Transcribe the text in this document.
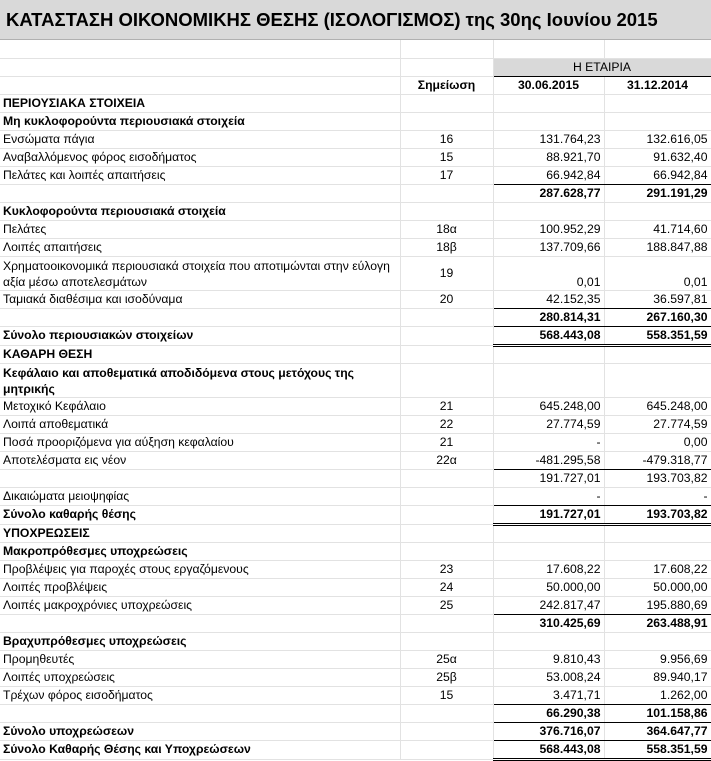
ΚΑΤΑΣΤΑΣΗ ΟΙΚΟΝΟΜΙΚΗΣ ΘΕΣΗΣ (ΙΣΟΛΟΓΙΣΜΟΣ) της 30ης Ιουνίου 2015

		Η ΕΤΑΙΡΙΑ	
	Σημείωση	30.06.2015	31.12.2014
ΠΕΡΙΟΥΣΙΑΚΑ ΣΤΟΙΧΕΙΑ			
Μη κυκλοφορούντα περιουσιακά στοιχεία			
Ενσώματα πάγια	16	131.764,23	132.616,05
Αναβαλλόμενος φόρος εισοδήματος	15	88.921,70	91.632,40
Πελάτες και λοιπές απαιτήσεις	17	66.942,84	66.942,84
		287.628,77	291.191,29
Κυκλοφορούντα περιουσιακά στοιχεία			
Πελάτες	18α	100.952,29	41.714,60
Λοιπές απαιτήσεις	18β	137.709,66	188.847,88
Χρηματοοικονομικά περιουσιακά στοιχεία που αποτιμώνται στην εύλογη αξία μέσω αποτελεσμάτων	19	0,01	0,01
Ταμιακά διαθέσιμα και ισοδύναμα	20	42.152,35	36.597,81
		280.814,31	267.160,30
Σύνολο περιουσιακών στοιχείων		568.443,08	558.351,59
ΚΑΘΑΡΗ ΘΕΣΗ			
Κεφάλαιο και αποθεματικά αποδιδόμενα στους μετόχους της μητρικής			
Μετοχικό Κεφάλαιο	21	645.248,00	645.248,00
Λοιπά αποθεματικά	22	27.774,59	27.774,59
Ποσά προοριζόμενα για αύξηση κεφαλαίου	21	-	0,00
Αποτελέσματα εις νέον	22α	-481.295,58	-479.318,77
		191.727,01	193.703,82
Δικαιώματα μειοψηφίας		-	-
Σύνολο καθαρής θέσης		191.727,01	193.703,82
ΥΠΟΧΡΕΩΣΕΙΣ			
Μακροπρόθεσμες υποχρεώσεις			
Προβλέψεις για παροχές στους εργαζόμενους	23	17.608,22	17.608,22
Λοιπές προβλέψεις	24	50.000,00	50.000,00
Λοιπές μακροχρόνιες υποχρεώσεις	25	242.817,47	195.880,69
		310.425,69	263.488,91
Βραχυπρόθεσμες υποχρεώσεις			
Προμηθευτές	25α	9.810,43	9.956,69
Λοιπές υποχρεώσεις	25β	53.008,24	89.940,17
Τρέχων φόρος εισοδήματος	15	3.471,71	1.262,00
		66.290,38	101.158,86
Σύνολο υποχρεώσεων		376.716,07	364.647,77
Σύνολο Καθαρής Θέσης και Υποχρεώσεων		568.443,08	558.351,59
